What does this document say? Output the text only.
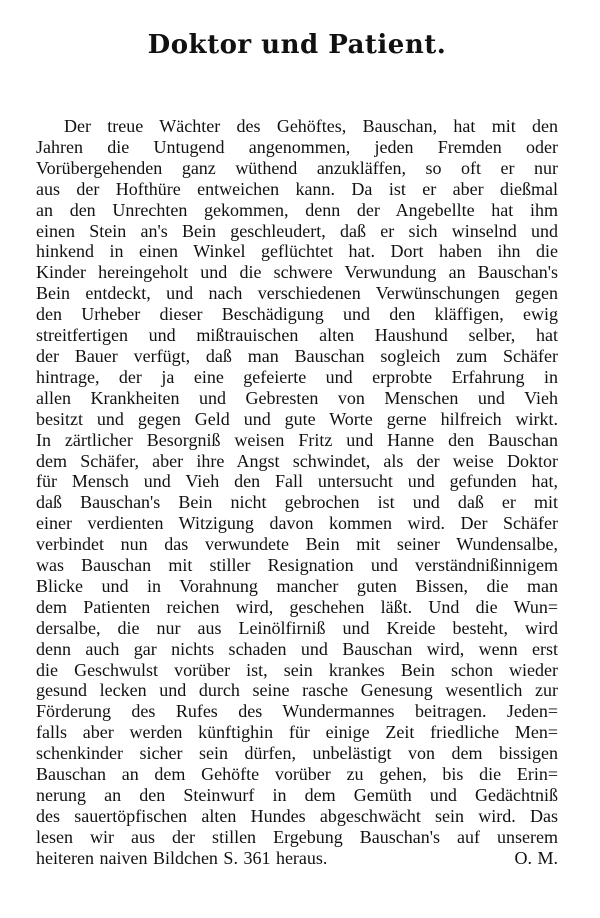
Doktor und Patient.
Der treue Wächter des Gehöftes, Bauschan, hat mit den
Jahren die Untugend angenommen, jeden Fremden oder
Vorübergehenden ganz wüthend anzukläffen, so oft er nur
aus der Hofthüre entweichen kann. Da ist er aber dießmal
an den Unrechten gekommen, denn der Angebellte hat ihm
einen Stein an's Bein geschleudert, daß er sich winselnd und
hinkend in einen Winkel geflüchtet hat. Dort haben ihn die
Kinder hereingeholt und die schwere Verwundung an Bauschan's
Bein entdeckt, und nach verschiedenen Verwünschungen gegen
den Urheber dieser Beschädigung und den kläffigen, ewig
streitfertigen und mißtrauischen alten Haushund selber, hat
der Bauer verfügt, daß man Bauschan sogleich zum Schäfer
hintrage, der ja eine gefeierte und erprobte Erfahrung in
allen Krankheiten und Gebresten von Menschen und Vieh
besitzt und gegen Geld und gute Worte gerne hilfreich wirkt.
In zärtlicher Besorgniß weisen Fritz und Hanne den Bauschan
dem Schäfer, aber ihre Angst schwindet, als der weise Doktor
für Mensch und Vieh den Fall untersucht und gefunden hat,
daß Bauschan's Bein nicht gebrochen ist und daß er mit
einer verdienten Witzigung davon kommen wird. Der Schäfer
verbindet nun das verwundete Bein mit seiner Wundensalbe,
was Bauschan mit stiller Resignation und verständnißinnigem
Blicke und in Vorahnung mancher guten Bissen, die man
dem Patienten reichen wird, geschehen läßt. Und die Wun=
dersalbe, die nur aus Leinölfirniß und Kreide besteht, wird
denn auch gar nichts schaden und Bauschan wird, wenn erst
die Geschwulst vorüber ist, sein krankes Bein schon wieder
gesund lecken und durch seine rasche Genesung wesentlich zur
Förderung des Rufes des Wundermannes beitragen. Jeden=
falls aber werden künftighin für einige Zeit friedliche Men=
schenkinder sicher sein dürfen, unbelästigt von dem bissigen
Bauschan an dem Gehöfte vorüber zu gehen, bis die Erin=
nerung an den Steinwurf in dem Gemüth und Gedächtniß
des sauertöpfischen alten Hundes abgeschwächt sein wird. Das
lesen wir aus der stillen Ergebung Bauschan's auf unserem
heiteren naiven Bildchen S. 361 heraus.	O. M.
